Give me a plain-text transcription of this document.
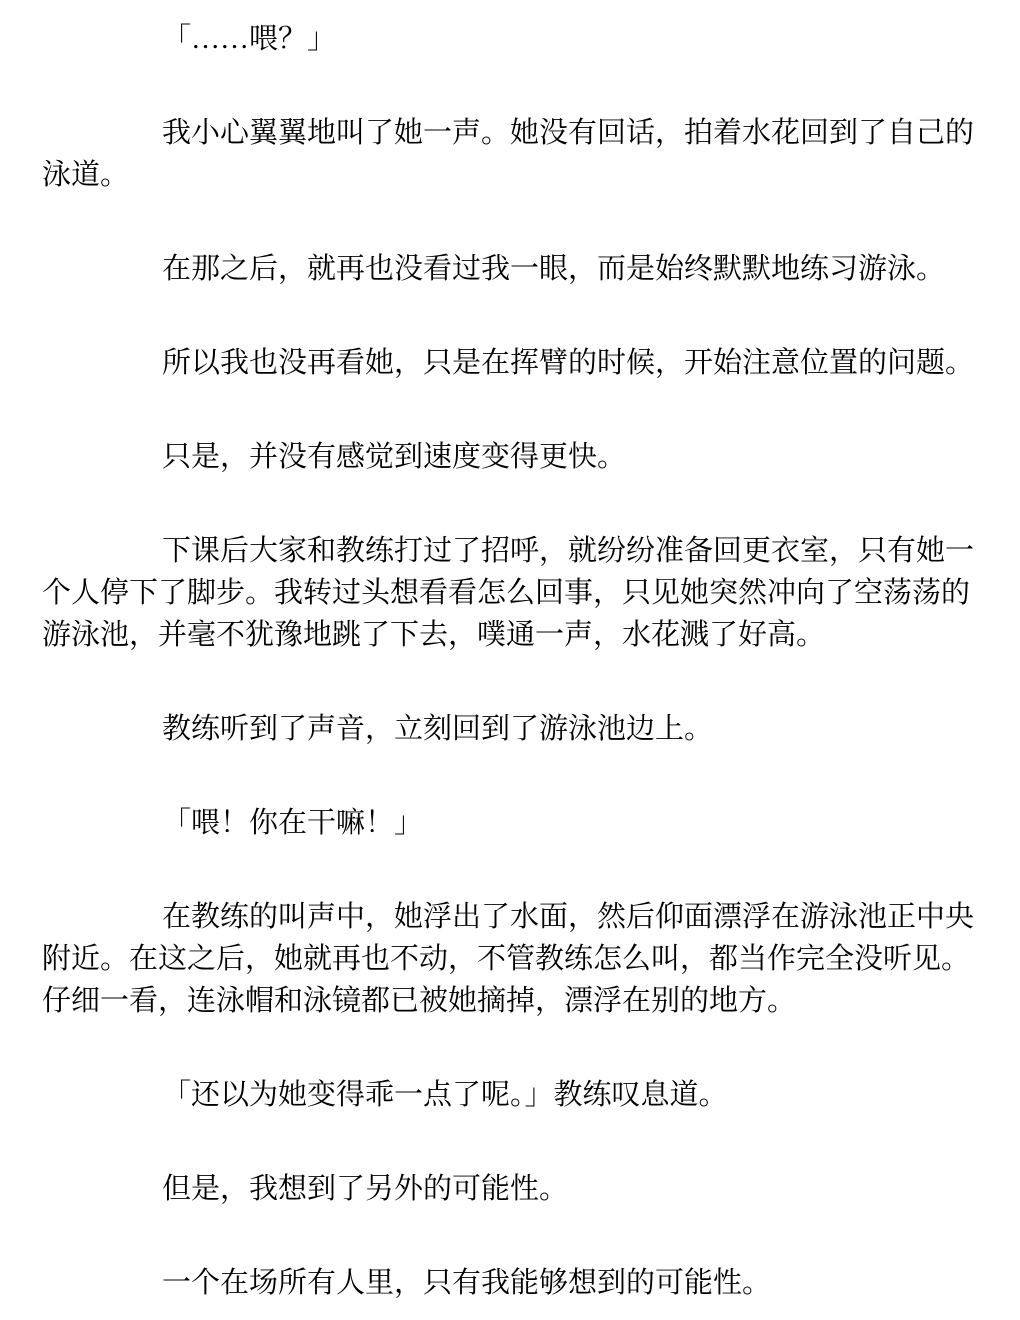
「……喂？」

我小心翼翼地叫了她一声。她没有回话，拍着水花回到了自己的
泳道。

在那之后，就再也没看过我一眼，而是始终默默地练习游泳。

所以我也没再看她，只是在挥臂的时候，开始注意位置的问题。

只是，并没有感觉到速度变得更快。

下课后大家和教练打过了招呼，就纷纷准备回更衣室，只有她一
个人停下了脚步。我转过头想看看怎么回事，只见她突然冲向了空荡荡的
游泳池，并毫不犹豫地跳了下去，噗通一声，水花溅了好高。

教练听到了声音，立刻回到了游泳池边上。

「喂！你在干嘛！」

在教练的叫声中，她浮出了水面，然后仰面漂浮在游泳池正中央
附近。在这之后，她就再也不动，不管教练怎么叫，都当作完全没听见。
仔细一看，连泳帽和泳镜都已被她摘掉，漂浮在别的地方。

「还以为她变得乖一点了呢。」教练叹息道。

但是，我想到了另外的可能性。

一个在场所有人里，只有我能够想到的可能性。
